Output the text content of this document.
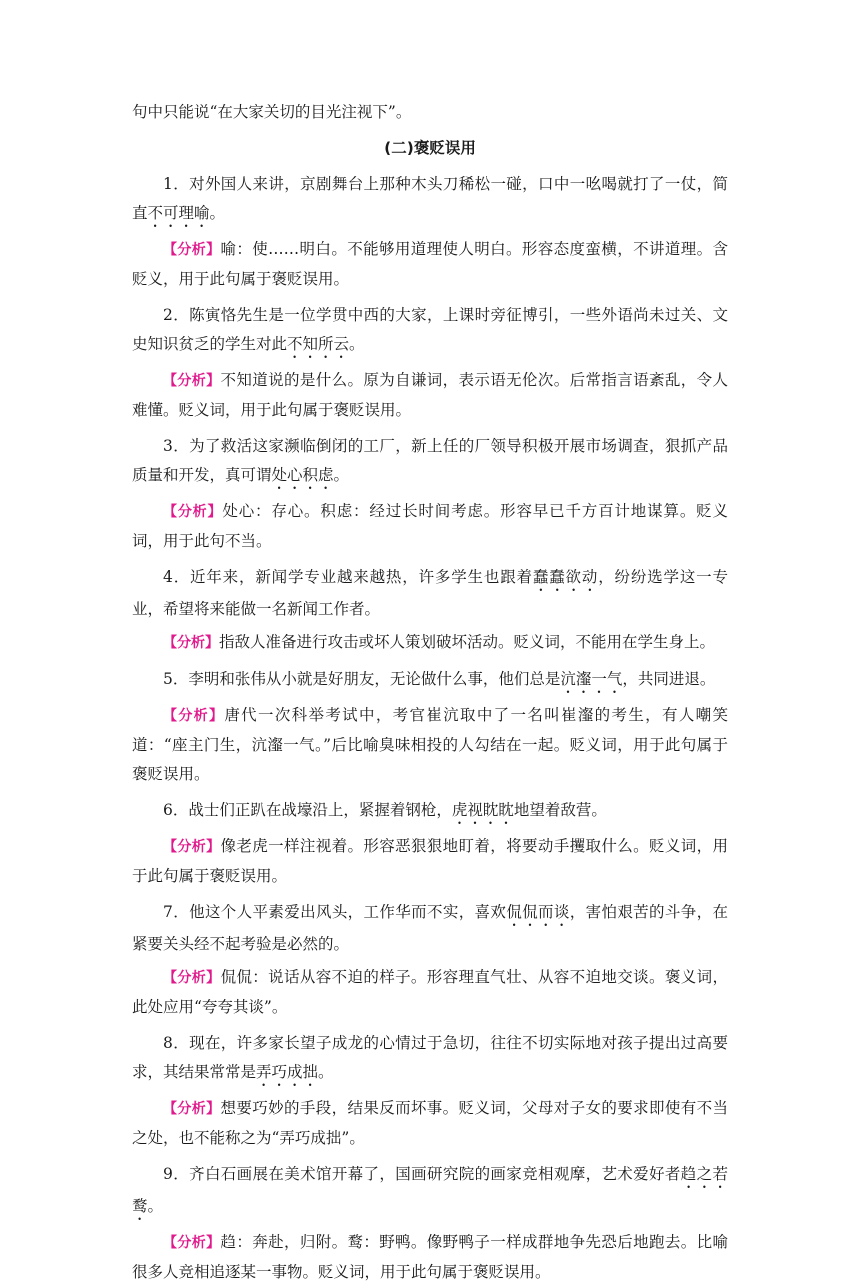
句中只能说“在大家关切的目光注视下”。

(二)褒贬误用

1．对外国人来讲，京剧舞台上那种木头刀稀松一碰，口中一吆喝就打了一仗，简直不可理喻。

【分析】喻：使……明白。不能够用道理使人明白。形容态度蛮横，不讲道理。含贬义，用于此句属于褒贬误用。

2．陈寅恪先生是一位学贯中西的大家，上课时旁征博引，一些外语尚未过关、文史知识贫乏的学生对此不知所云。

【分析】不知道说的是什么。原为自谦词，表示语无伦次。后常指言语紊乱，令人难懂。贬义词，用于此句属于褒贬误用。

3．为了救活这家濒临倒闭的工厂，新上任的厂领导积极开展市场调查，狠抓产品质量和开发，真可谓处心积虑。

【分析】处心：存心。积虑：经过长时间考虑。形容早已千方百计地谋算。贬义词，用于此句不当。

4．近年来，新闻学专业越来越热，许多学生也跟着蠢蠢欲动，纷纷选学这一专业，希望将来能做一名新闻工作者。

【分析】指敌人准备进行攻击或坏人策划破坏活动。贬义词，不能用在学生身上。

5．李明和张伟从小就是好朋友，无论做什么事，他们总是沆瀣一气，共同进退。

【分析】唐代一次科举考试中，考官崔沆取中了一名叫崔瀣的考生，有人嘲笑道：“座主门生，沆瀣一气。”后比喻臭味相投的人勾结在一起。贬义词，用于此句属于褒贬误用。

6．战士们正趴在战壕沿上，紧握着钢枪，虎视眈眈地望着敌营。

【分析】像老虎一样注视着。形容恶狠狠地盯着，将要动手攫取什么。贬义词，用于此句属于褒贬误用。

7．他这个人平素爱出风头，工作华而不实，喜欢侃侃而谈，害怕艰苦的斗争，在紧要关头经不起考验是必然的。

【分析】侃侃：说话从容不迫的样子。形容理直气壮、从容不迫地交谈。褒义词，此处应用“夸夸其谈”。

8．现在，许多家长望子成龙的心情过于急切，往往不切实际地对孩子提出过高要求，其结果常常是弄巧成拙。

【分析】想要巧妙的手段，结果反而坏事。贬义词，父母对子女的要求即使有不当之处，也不能称之为“弄巧成拙”。

9．齐白石画展在美术馆开幕了，国画研究院的画家竞相观摩，艺术爱好者趋之若鹜。

【分析】趋：奔赴，归附。鹜：野鸭。像野鸭子一样成群地争先恐后地跑去。比喻很多人竞相追逐某一事物。贬义词，用于此句属于褒贬误用。
